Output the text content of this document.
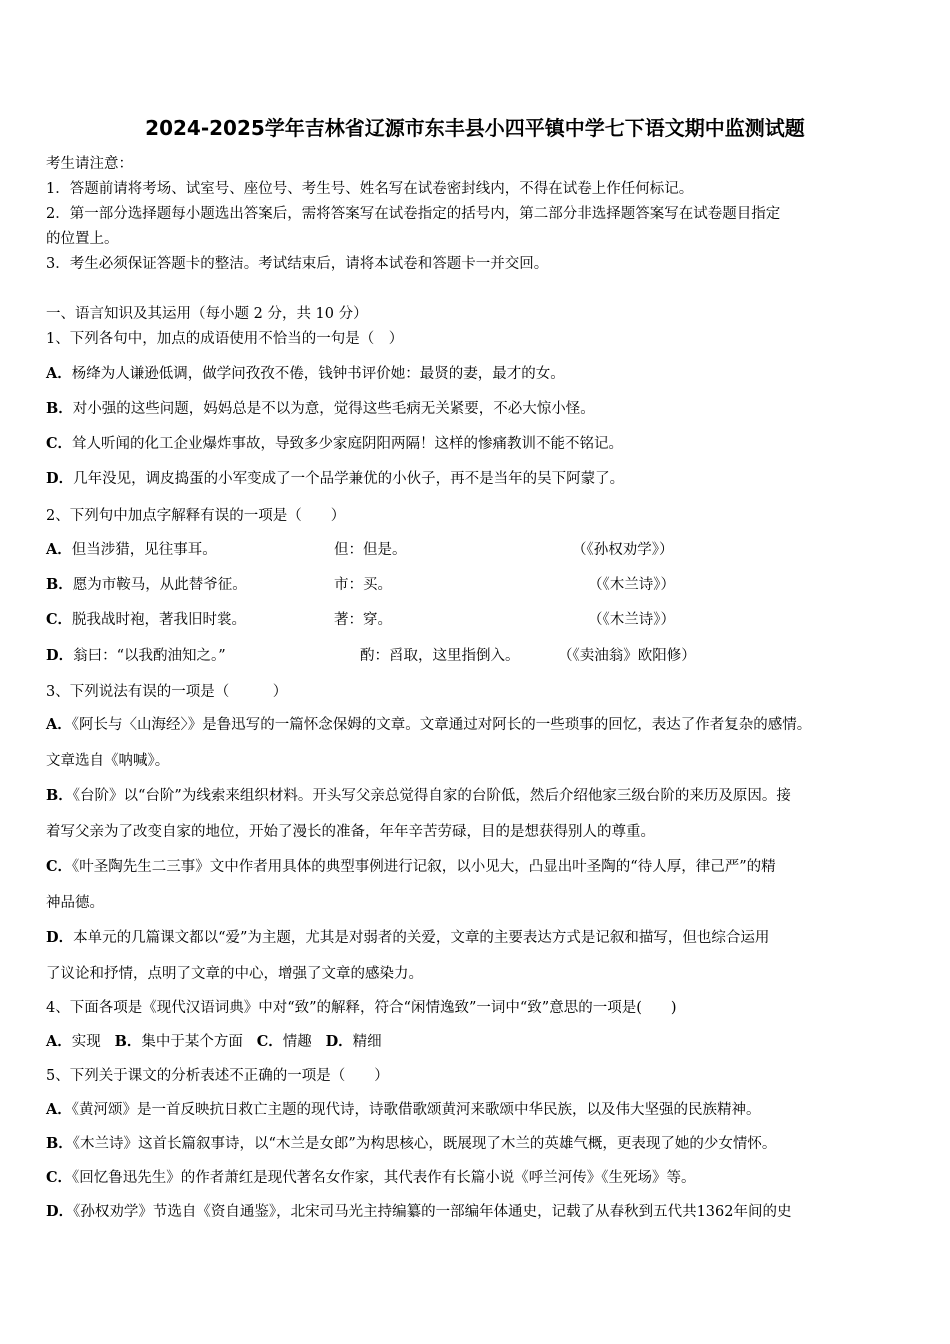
2024-2025学年吉林省辽源市东丰县小四平镇中学七下语文期中监测试题
考生请注意：
1．答题前请将考场、试室号、座位号、考生号、姓名写在试卷密封线内，不得在试卷上作任何标记。
2．第一部分选择题每小题选出答案后，需将答案写在试卷指定的括号内，第二部分非选择题答案写在试卷题目指定
的位置上。
3．考生必须保证答题卡的整洁。考试结束后，请将本试卷和答题卡一并交回。
一、语言知识及其运用（每小题 2 分，共 10 分）
1、下列各句中，加点的成语使用不恰当的一句是（　）
A．杨绛为人谦逊低调，做学问孜孜不倦，钱钟书评价她：最贤的妻，最才的女。
B．对小强的这些问题，妈妈总是不以为意，觉得这些毛病无关紧要，不必大惊小怪。
C．耸人听闻的化工企业爆炸事故，导致多少家庭阴阳两隔！这样的惨痛教训不能不铭记。
D．几年没见，调皮捣蛋的小军变成了一个品学兼优的小伙子，再不是当年的吴下阿蒙了。
2、下列句中加点字解释有误的一项是（　　）
A．但当涉猎，见往事耳。	但：但是。	（《孙权劝学》）
B．愿为市鞍马，从此替爷征。	市：买。	（《木兰诗》）
C．脱我战时袍，著我旧时裳。	著：穿。	（《木兰诗》）
D．翁曰：“以我酌油知之。”	酌：舀取，这里指倒入。	（《卖油翁》欧阳修）
3、下列说法有误的一项是（　　　）
A．《阿长与〈山海经〉》是鲁迅写的一篇怀念保姆的文章。文章通过对阿长的一些琐事的回忆，表达了作者复杂的感情。
文章选自《呐喊》。
B．《台阶》以“台阶”为线索来组织材料。开头写父亲总觉得自家的台阶低，然后介绍他家三级台阶的来历及原因。接
着写父亲为了改变自家的地位，开始了漫长的准备，年年辛苦劳碌，目的是想获得别人的尊重。
C．《叶圣陶先生二三事》文中作者用具体的典型事例进行记叙，以小见大，凸显出叶圣陶的“待人厚，律己严”的精
神品德。
D．本单元的几篇课文都以“爱”为主题，尤其是对弱者的关爱，文章的主要表达方式是记叙和描写，但也综合运用
了议论和抒情，点明了文章的中心，增强了文章的感染力。
4、下面各项是《现代汉语词典》中对“致”的解释，符合“闲情逸致”一词中“致”意思的一项是(　　)
A．实现 B．集中于某个方面 C．情趣 D．精细
5、下列关于课文的分析表述不正确的一项是（　　）
A．《黄河颂》是一首反映抗日救亡主题的现代诗，诗歌借歌颂黄河来歌颂中华民族，以及伟大坚强的民族精神。
B．《木兰诗》这首长篇叙事诗，以“木兰是女郎”为构思核心，既展现了木兰的英雄气概，更表现了她的少女情怀。
C．《回忆鲁迅先生》的作者萧红是现代著名女作家，其代表作有长篇小说《呼兰河传》《生死场》等。
D．《孙权劝学》节选自《资自通鉴》，北宋司马光主持编纂的一部编年体通史，记载了从春秋到五代共1362年间的史
